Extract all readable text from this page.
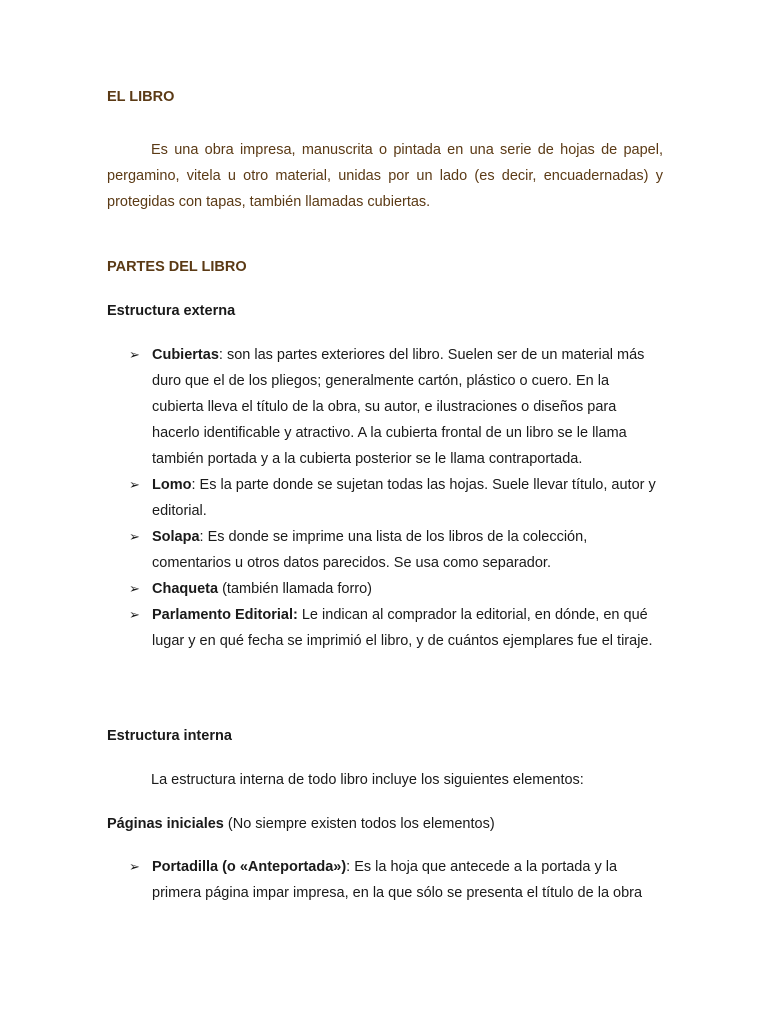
EL LIBRO
Es una obra impresa, manuscrita o pintada en una serie de hojas de papel, pergamino, vitela u otro material, unidas por un lado (es decir, encuadernadas) y protegidas con tapas, también llamadas cubiertas.
PARTES DEL LIBRO
Estructura externa
➢ Cubiertas: son las partes exteriores del libro. Suelen ser de un material más duro que el de los pliegos; generalmente cartón, plástico o cuero. En la cubierta lleva el título de la obra, su autor, e ilustraciones o diseños para hacerlo identificable y atractivo. A la cubierta frontal de un libro se le llama también portada y a la cubierta posterior se le llama contraportada.
➢ Lomo: Es la parte donde se sujetan todas las hojas. Suele llevar título, autor y editorial.
➢ Solapa: Es donde se imprime una lista de los libros de la colección, comentarios u otros datos parecidos. Se usa como separador.
➢ Chaqueta (también llamada forro)
➢ Parlamento Editorial: Le indican al comprador la editorial, en dónde, en qué lugar y en qué fecha se imprimió el libro, y de cuántos ejemplares fue el tiraje.
Estructura interna
La estructura interna de todo libro incluye los siguientes elementos:
Páginas iniciales (No siempre existen todos los elementos)
➢ Portadilla (o «Anteportada»): Es la hoja que antecede a la portada y la primera página impar impresa, en la que sólo se presenta el título de la obra
